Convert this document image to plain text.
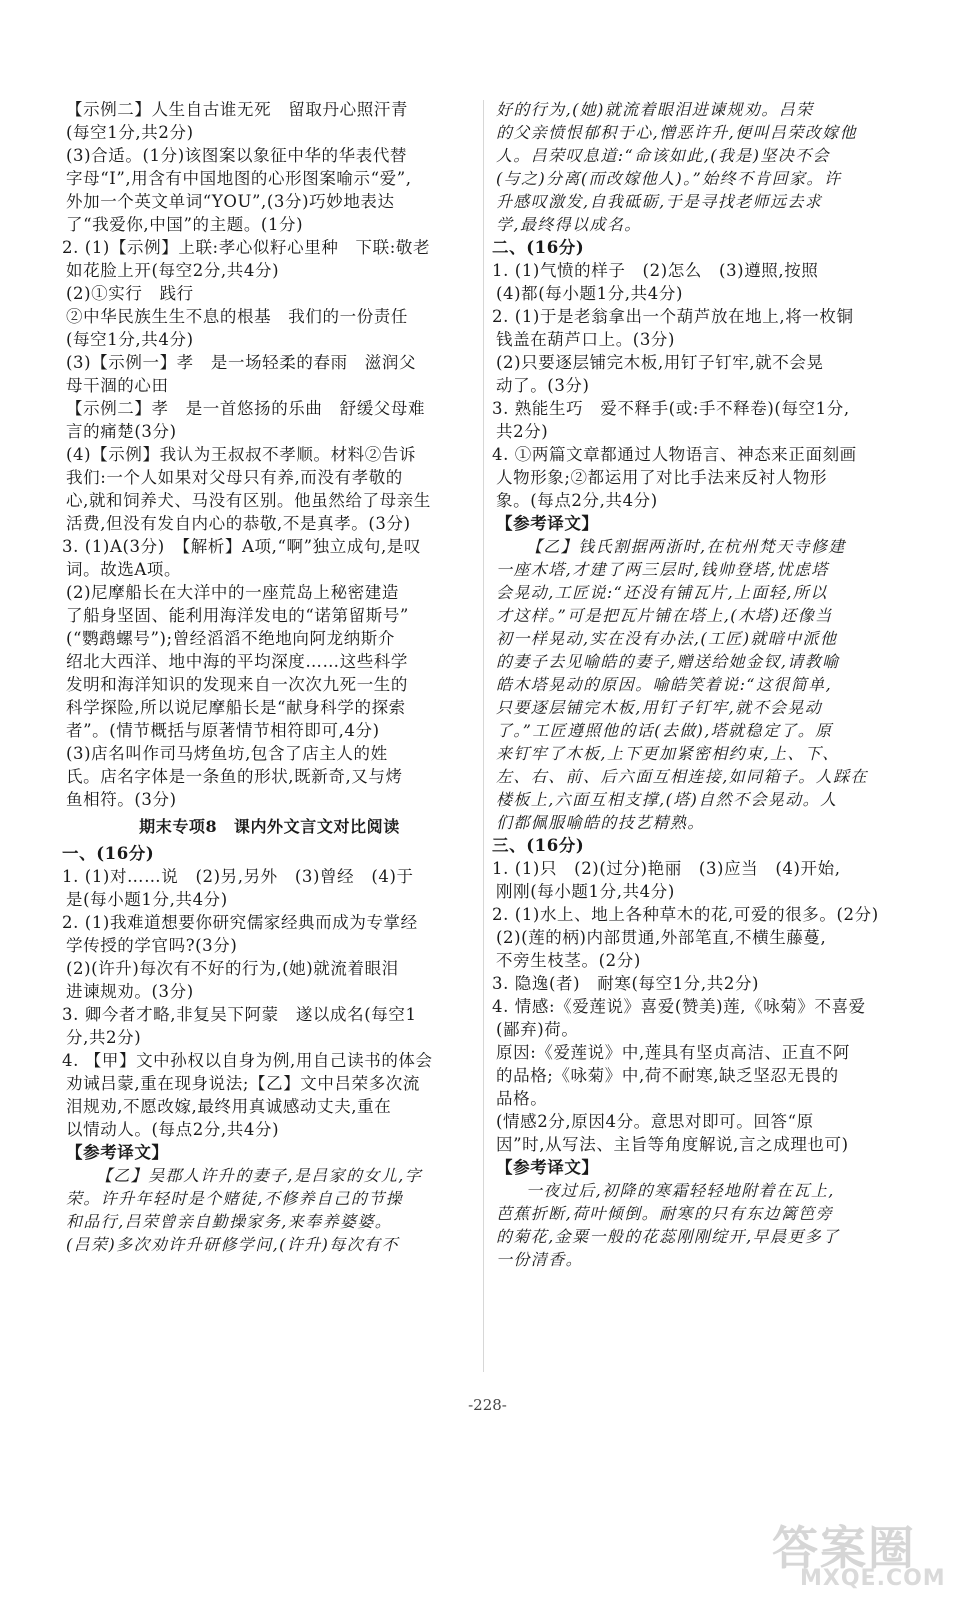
【示例二】人生自古谁无死　留取丹心照汗青
(每空1分,共2分)
(3)合适。(1分)该图案以象征中华的华表代替
字母“I”,用含有中国地图的心形图案喻示“爱”,
外加一个英文单词“YOU”,(3分)巧妙地表达
了“我爱你,中国”的主题。(1分)
2. (1)【示例】上联:孝心似籽心里种　下联:敬老
如花脸上开(每空2分,共4分)
(2)①实行　践行
②中华民族生生不息的根基　我们的一份责任
(每空1分,共4分)
(3)【示例一】孝　是一场轻柔的春雨　滋润父
母干涸的心田
【示例二】孝　是一首悠扬的乐曲　舒缓父母难
言的痛楚(3分)
(4)【示例】我认为王叔叔不孝顺。材料②告诉
我们:一个人如果对父母只有养,而没有孝敬的
心,就和饲养犬、马没有区别。他虽然给了母亲生
活费,但没有发自内心的恭敬,不是真孝。(3分)
3. (1)A(3分)　【解析】A项,“啊”独立成句,是叹
词。故选A项。
(2)尼摩船长在大洋中的一座荒岛上秘密建造
了船身坚固、能利用海洋发电的“诺第留斯号”
(“鹦鹉螺号”);曾经滔滔不绝地向阿龙纳斯介
绍北大西洋、地中海的平均深度……这些科学
发明和海洋知识的发现来自一次次九死一生的
科学探险,所以说尼摩船长是“献身科学的探索
者”。(情节概括与原著情节相符即可,4分)
(3)店名叫作司马烤鱼坊,包含了店主人的姓
氏。店名字体是一条鱼的形状,既新奇,又与烤
鱼相符。(3分)
期末专项8　课内外文言文对比阅读
一、(16分)
1. (1)对……说　(2)另,另外　(3)曾经　(4)于
是(每小题1分,共4分)
2. (1)我难道想要你研究儒家经典而成为专掌经
学传授的学官吗?(3分)
(2)(许升)每次有不好的行为,(她)就流着眼泪
进谏规劝。(3分)
3. 卿今者才略,非复吴下阿蒙　遂以成名(每空1
分,共2分)
4. 【甲】文中孙权以自身为例,用自己读书的体会
劝诫吕蒙,重在现身说法;【乙】文中吕荣多次流
泪规劝,不愿改嫁,最终用真诚感动丈夫,重在
以情动人。(每点2分,共4分)
【参考译文】
【乙】吴郡人许升的妻子,是吕家的女儿,字
荣。许升年轻时是个赌徒,不修养自己的节操
和品行,吕荣曾亲自勤操家务,来奉养婆婆。
(吕荣)多次劝许升研修学问,(许升)每次有不
好的行为,(她)就流着眼泪进谏规劝。吕荣
的父亲愤恨郁积于心,憎恶许升,便叫吕荣改嫁他
人。吕荣叹息道:“命该如此,(我是)坚决不会
(与之)分离(而改嫁他人)。”始终不肯回家。许
升感叹激发,自我砥砺,于是寻找老师远去求
学,最终得以成名。
二、(16分)
1. (1)气愤的样子　(2)怎么　(3)遵照,按照
(4)都(每小题1分,共4分)
2. (1)于是老翁拿出一个葫芦放在地上,将一枚铜
钱盖在葫芦口上。(3分)
(2)只要逐层铺完木板,用钉子钉牢,就不会晃
动了。(3分)
3. 熟能生巧　爱不释手(或:手不释卷)(每空1分,
共2分)
4. ①两篇文章都通过人物语言、神态来正面刻画
人物形象;②都运用了对比手法来反衬人物形
象。(每点2分,共4分)
【参考译文】
【乙】钱氏割据两浙时,在杭州梵天寺修建
一座木塔,才建了两三层时,钱帅登塔,忧虑塔
会晃动,工匠说:“还没有铺瓦片,上面轻,所以
才这样。”可是把瓦片铺在塔上,(木塔)还像当
初一样晃动,实在没有办法,(工匠)就暗中派他
的妻子去见喻皓的妻子,赠送给她金钗,请教喻
皓木塔晃动的原因。喻皓笑着说:“这很简单,
只要逐层铺完木板,用钉子钉牢,就不会晃动
了。”工匠遵照他的话(去做),塔就稳定了。原
来钉牢了木板,上下更加紧密相约束,上、下、
左、右、前、后六面互相连接,如同箱子。人踩在
楼板上,六面互相支撑,(塔)自然不会晃动。人
们都佩服喻皓的技艺精熟。
三、(16分)
1. (1)只　(2)(过分)艳丽　(3)应当　(4)开始,
刚刚(每小题1分,共4分)
2. (1)水上、地上各种草木的花,可爱的很多。(2分)
(2)(莲的柄)内部贯通,外部笔直,不横生藤蔓,
不旁生枝茎。(2分)
3. 隐逸(者)　耐寒(每空1分,共2分)
4. 情感:《爱莲说》喜爱(赞美)莲,《咏菊》不喜爱
(鄙弃)荷。
原因:《爱莲说》中,莲具有坚贞高洁、正直不阿
的品格;《咏菊》中,荷不耐寒,缺乏坚忍无畏的
品格。
(情感2分,原因4分。意思对即可。回答“原
因”时,从写法、主旨等角度解说,言之成理也可)
【参考译文】
一夜过后,初降的寒霜轻轻地附着在瓦上,
芭蕉折断,荷叶倾倒。耐寒的只有东边篱笆旁
的菊花,金粟一般的花蕊刚刚绽开,早晨更多了
一份清香。
-228-
答案圈
MXQE.COM
